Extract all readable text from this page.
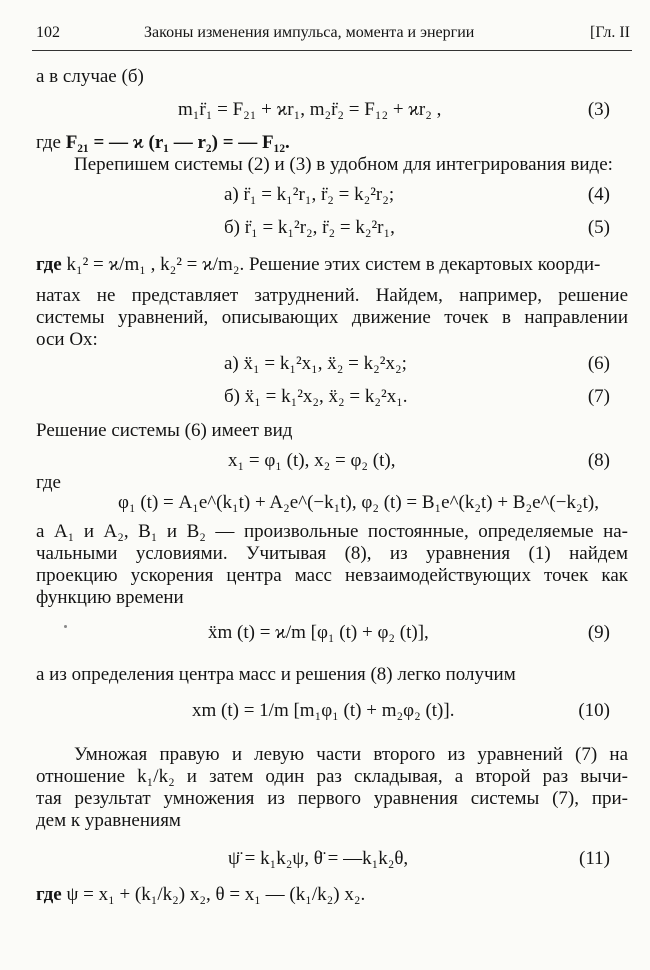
102	Законы изменения импульса, момента и энергии	[Гл. II
а в случае (б)
m₁r̈₁ = F₂₁ + ϰr₁, m₂r̈₂ = F₁₂ + ϰr₂ ,	(3)
где F₂₁ = — ϰ (r₁ — r₂) = — F₁₂.
Перепишем системы (2) и (3) в удобном для интегрирования виде:
а) r̈₁ = k₁²r₁, r̈₂ = k₂²r₂;	(4)
б) r̈₁ = k₁²r₂, r̈₂ = k₂²r₁,	(5)
где k₁² = ϰ/m₁ , k₂² = ϰ/m₂. Решение этих систем в декартовых коорди-
натах не представляет затруднений. Найдем, например, решение
системы уравнений, описывающих движение точек в направлении
оси Ox:
а) ẍ₁ = k₁²x₁, ẍ₂ = k₂²x₂;	(6)
б) ẍ₁ = k₁²x₂, ẍ₂ = k₂²x₁.	(7)
Решение системы (6) имеет вид
x₁ = φ₁ (t), x₂ = φ₂ (t),	(8)
где
φ₁ (t) = A₁e^(k₁t) + A₂e^(−k₁t), φ₂ (t) = B₁e^(k₂t) + B₂e^(−k₂t),
а A₁ и A₂, B₁ и B₂ — произвольные постоянные, определяемые на-
чальными условиями. Учитывая (8), из уравнения (1) найдем
проекцию ускорения центра масс невзаимодействующих точек как
функцию времени
ẍm (t) = ϰ/m [φ₁ (t) + φ₂ (t)],	(9)
а из определения центра масс и решения (8) легко получим
xm (t) = 1/m [m₁φ₁ (t) + m₂φ₂ (t)].	(10)
Умножая правую и левую части второго из уравнений (7) на
отношение k₁/k₂ и затем один раз складывая, а второй раз вычи-
тая результат умножения из первого уравнения системы (7), при-
дем к уравнениям
ψ̈ = k₁k₂ψ, θ̈ = —k₁k₂θ,	(11)
где ψ = x₁ + (k₁/k₂) x₂, θ = x₁ — (k₁/k₂) x₂.
